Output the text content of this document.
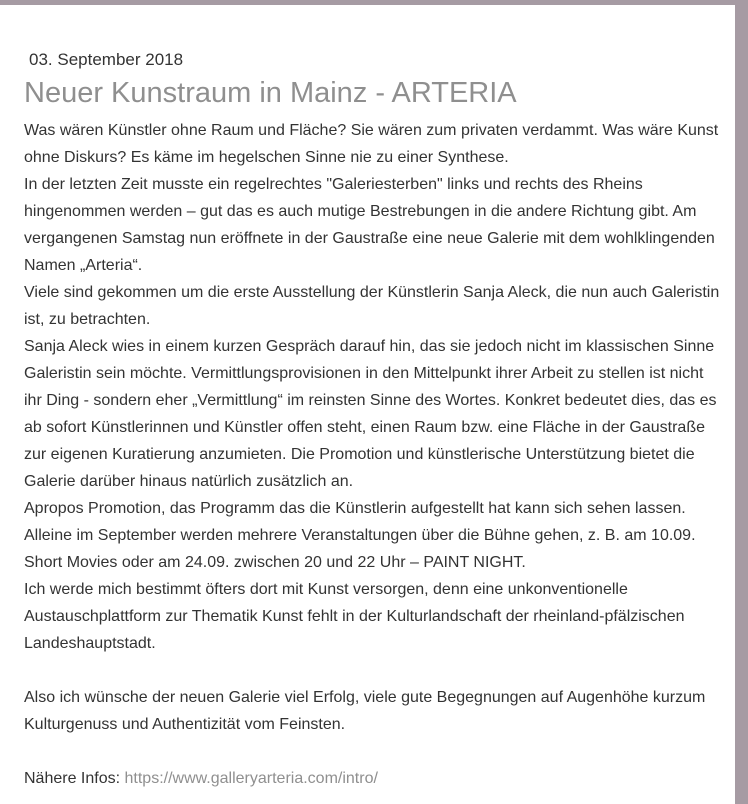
03. September 2018
Neuer Kunstraum in Mainz - ARTERIA

Was wären Künstler ohne Raum und Fläche? Sie wären zum privaten verdammt. Was wäre Kunst ohne Diskurs? Es käme im hegelschen Sinne nie zu einer Synthese.

In der letzten Zeit musste ein regelrechtes "Galeriesterben" links und rechts des Rheins hingenommen werden – gut das es auch mutige Bestrebungen in die andere Richtung gibt. Am vergangenen Samstag nun eröffnete in der Gaustraße eine neue Galerie mit dem wohlklingenden Namen „Arteria“.

Viele sind gekommen um die erste Ausstellung der Künstlerin Sanja Aleck, die nun auch Galeristin ist, zu betrachten.

Sanja Aleck wies in einem kurzen Gespräch darauf hin, das sie jedoch nicht im klassischen Sinne Galeristin sein möchte. Vermittlungsprovisionen in den Mittelpunkt ihrer Arbeit zu stellen ist nicht ihr Ding - sondern eher „Vermittlung“ im reinsten Sinne des Wortes. Konkret bedeutet dies, das es ab sofort Künstlerinnen und Künstler offen steht, einen Raum bzw. eine Fläche in der Gaustraße zur eigenen Kuratierung anzumieten. Die Promotion und künstlerische Unterstützung bietet die Galerie darüber hinaus natürlich zusätzlich an.

Apropos Promotion, das Programm das die Künstlerin aufgestellt hat kann sich sehen lassen. Alleine im September werden mehrere Veranstaltungen über die Bühne gehen, z. B. am 10.09. Short Movies oder am 24.09. zwischen 20 und 22 Uhr – PAINT NIGHT.

Ich werde mich bestimmt öfters dort mit Kunst versorgen, denn eine unkonventionelle Austauschplattform zur Thematik Kunst fehlt in der Kulturlandschaft der rheinland-pfälzischen Landeshauptstadt.

Also ich wünsche der neuen Galerie viel Erfolg, viele gute Begegnungen auf Augenhöhe kurzum Kulturgenuss und Authentizität vom Feinsten.

Nähere Infos: https://www.galleryarteria.com/intro/
